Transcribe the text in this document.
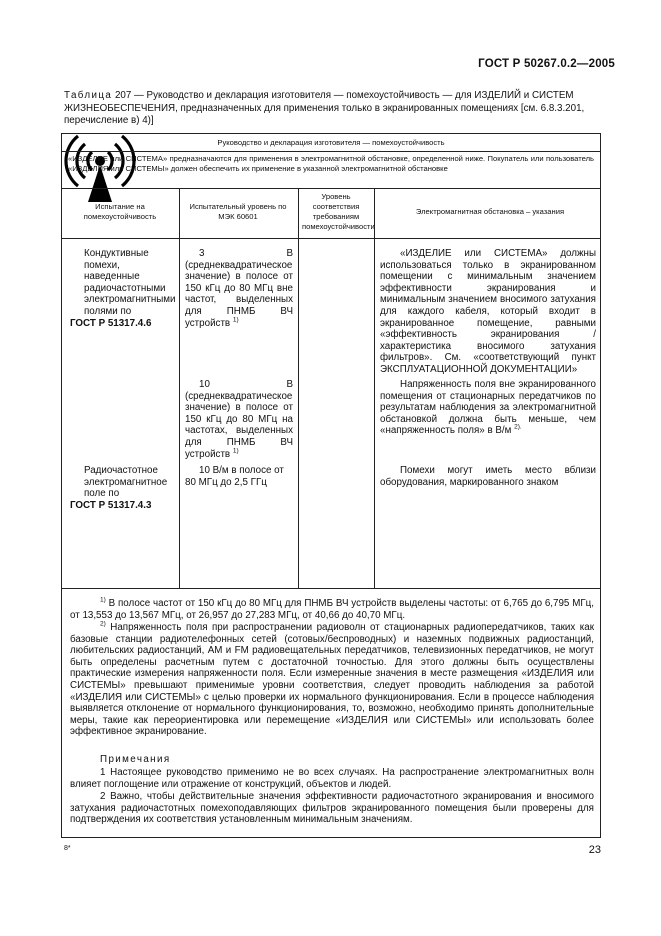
ГОСТ Р 50267.0.2—2005
Таблица 207 — Руководство и декларация изготовителя — помехоустойчивость — для ИЗДЕЛИЙ и СИСТЕМ ЖИЗНЕОБЕСПЕЧЕНИЯ, предназначенных для применения только в экранированных помещениях [см. 6.8.3.201, перечисление в) 4)]
Руководство и декларация изготовителя — помехоустойчивость
«ИЗДЕЛИЕ или СИСТЕМА» предназначаются для применения в электромагнитной обстановке, определенной ниже. Покупатель или пользователь «ИЗДЕЛИЯ или СИСТЕМЫ» должен обеспечить их применение в указанной электромагнитной обстановке
Испытание на помехоустойчивость
Испытательный уровень по МЭК 60601
Уровень соответствия требованиям помехоустойчивости
Электромагнитная обстановка – указания
Кондуктивные помехи, наведенные радиочастотными электромагнитными полями по
ГОСТ Р 51317.4.6
3 В (среднеквадратическое значение) в полосе от 150 кГц до 80 МГц вне частот, выделенных для ПНМБ ВЧ устройств $^{1)}$
«ИЗДЕЛИЕ или СИСТЕМА» должны использоваться только в экранированном помещении с минимальным значением эффективности экранирования и минимальным значением вносимого затухания для каждого кабеля, который входит в экранированное помещение, равными «эффективность экранирования / характеристика вносимого затухания фильтров». См. «соответствующий пункт ЭКСПЛУАТАЦИОННОЙ ДОКУМЕНТАЦИИ»
10 В (среднеквадратическое значение) в полосе от 150 кГц до 80 МГц на частотах, выделенных для ПНМБ ВЧ устройств $^{1)}$
Напряженность поля вне экранированного помещения от стационарных передатчиков по результатам наблюдения за электромагнитной обстановкой должна быть меньше, чем «напряженность поля» в В/м $^{2).}$
Радиочастотное электромагнитное поле по
ГОСТ Р 51317.4.3
10 В/м в полосе от 80 МГц до 2,5 ГГц
Помехи могут иметь место вблизи оборудования, маркированного знаком
$^{1)}$ В полосе частот от 150 кГц до 80 МГц для ПНМБ ВЧ устройств выделены частоты: от 6,765 до 6,795 МГц, от 13,553 до 13,567 МГц, от 26,957 до 27,283 МГц, от 40,66 до 40,70 МГц.
$^{2)}$ Напряженность поля при распространении радиоволн от стационарных радиопередатчиков, таких как базовые станции радиотелефонных сетей (сотовых/беспроводных) и наземных подвижных радиостанций, любительских радиостанций, АМ и FM радиовещательных передатчиков, телевизионных передатчиков, не могут быть определены расчетным путем с достаточной точностью. Для этого должны быть осуществлены практические измерения напряженности поля. Если измеренные значения в месте размещения «ИЗДЕЛИЯ или СИСТЕМЫ» превышают применимые уровни соответствия, следует проводить наблюдения за работой «ИЗДЕЛИЯ или СИСТЕМЫ» с целью проверки их нормального функционирования. Если в процессе наблюдения выявляется отклонение от нормального функционирования, то, возможно, необходимо принять дополнительные меры, такие как переориентировка или перемещение «ИЗДЕЛИЯ или СИСТЕМЫ» или использовать более эффективное экранирование.
Примечания
1 Настоящее руководство применимо не во всех случаях. На распространение электромагнитных волн влияет поглощение или отражение от конструкций, объектов и людей.
2 Важно, чтобы действительные значения эффективности радиочастотного экранирования и вносимого затухания радиочастотных помехоподавляющих фильтров экранированного помещения были проверены для подтверждения их соответствия установленным минимальным значениям.
8*	23
